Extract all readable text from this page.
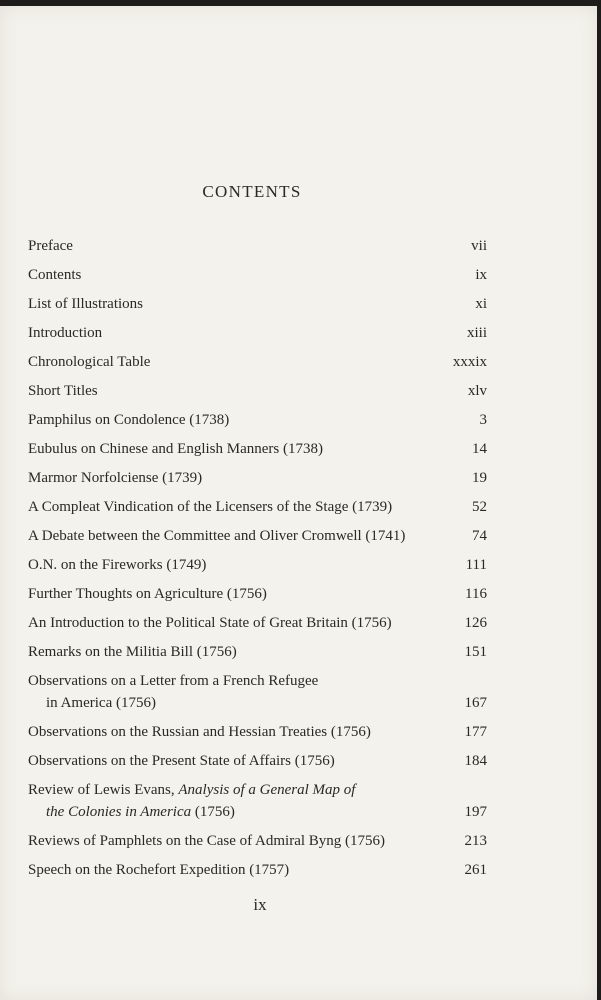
CONTENTS
Preface	vii
Contents	ix
List of Illustrations	xi
Introduction	xiii
Chronological Table	xxxix
Short Titles	xlv
Pamphilus on Condolence (1738)	3
Eubulus on Chinese and English Manners (1738)	14
Marmor Norfolciense (1739)	19
A Compleat Vindication of the Licensers of the Stage (1739)	52
A Debate between the Committee and Oliver Cromwell (1741)	74
O.N. on the Fireworks (1749)	111
Further Thoughts on Agriculture (1756)	116
An Introduction to the Political State of Great Britain (1756)	126
Remarks on the Militia Bill (1756)	151
Observations on a Letter from a French Refugee
in America (1756)	167
Observations on the Russian and Hessian Treaties (1756)	177
Observations on the Present State of Affairs (1756)	184
Review of Lewis Evans, Analysis of a General Map of
the Colonies in America (1756)	197
Reviews of Pamphlets on the Case of Admiral Byng (1756)	213
Speech on the Rochefort Expedition (1757)	261
ix
